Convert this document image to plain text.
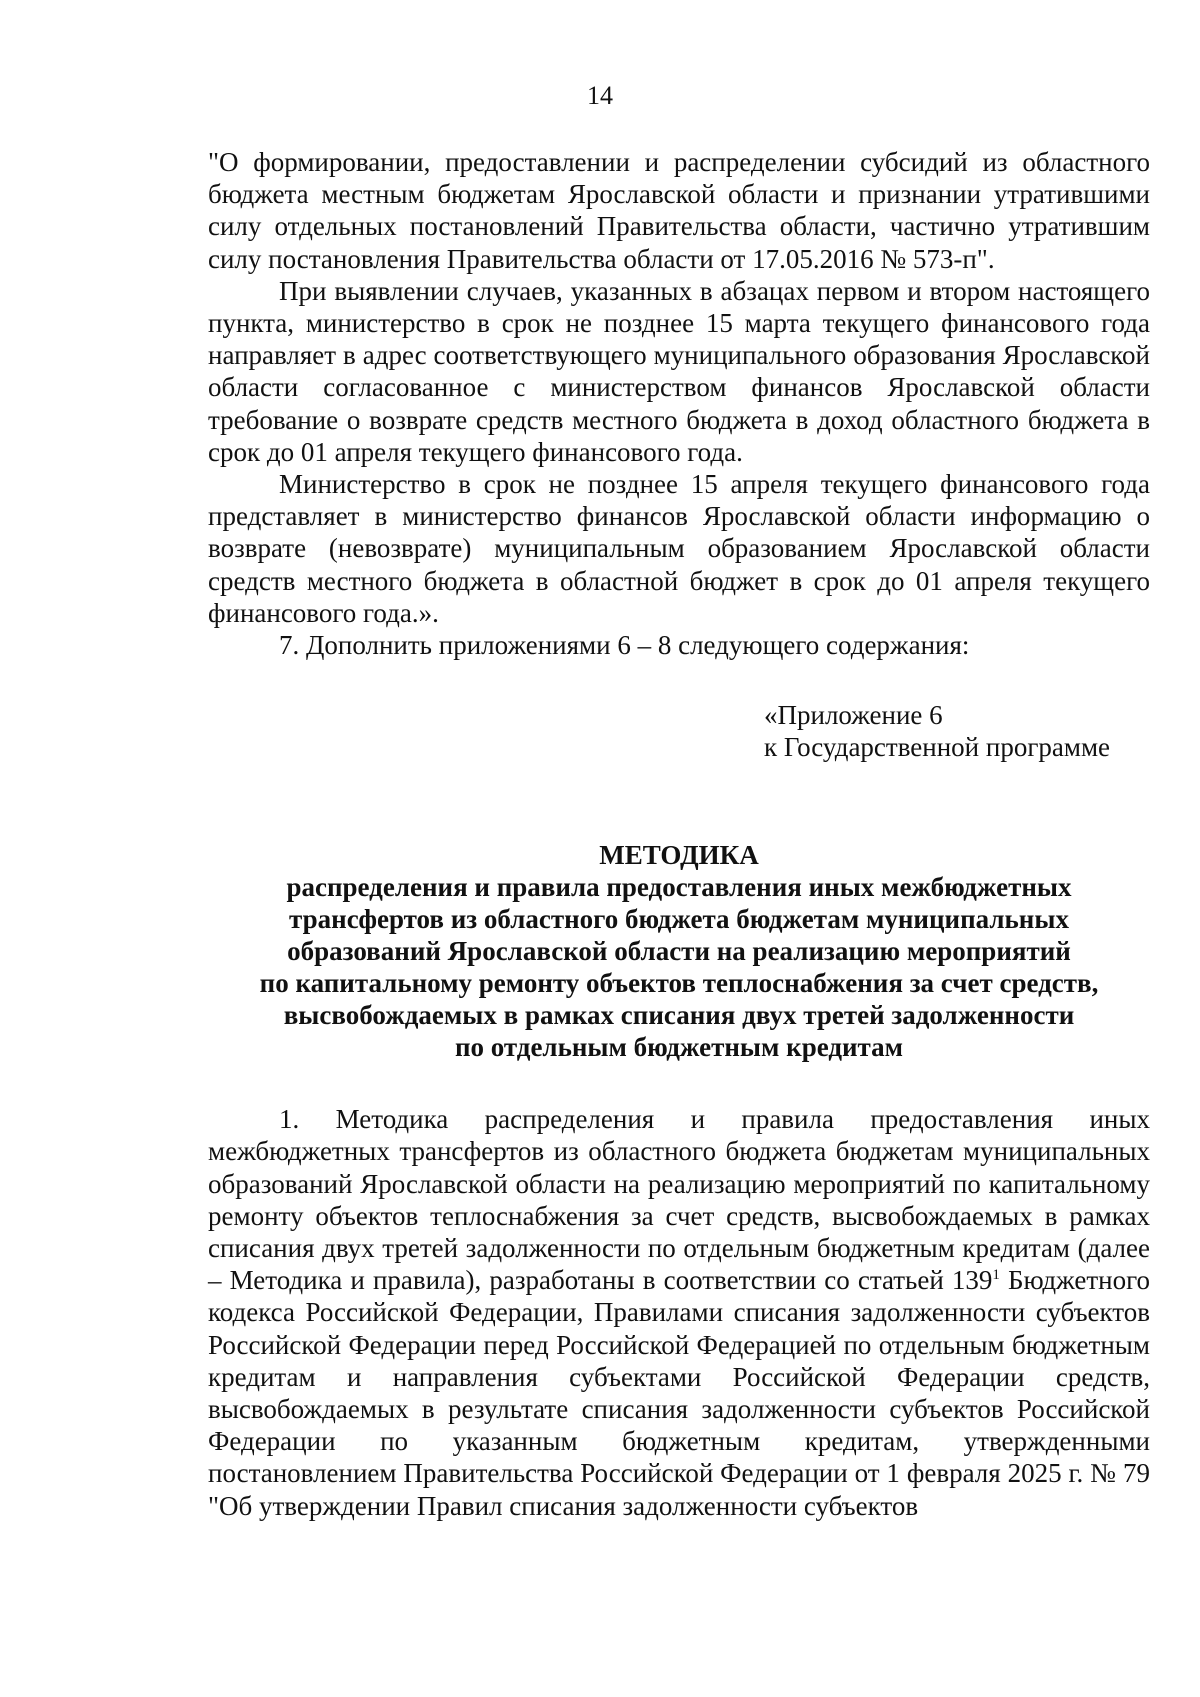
14

"О формировании, предоставлении и распределении субсидий из областного бюджета местным бюджетам Ярославской области и признании утратившими силу отдельных постановлений Правительства области, частично утратившим силу постановления Правительства области от 17.05.2016 № 573-п".

При выявлении случаев, указанных в абзацах первом и втором настоящего пункта, министерство в срок не позднее 15 марта текущего финансового года направляет в адрес соответствующего муниципального образования Ярославской области согласованное с министерством финансов Ярославской области требование о возврате средств местного бюджета в доход областного бюджета в срок до 01 апреля текущего финансового года.

Министерство в срок не позднее 15 апреля текущего финансового года представляет в министерство финансов Ярославской области информацию о возврате (невозврате) муниципальным образованием Ярославской области средств местного бюджета в областной бюджет в срок до 01 апреля текущего финансового года.».

7. Дополнить приложениями 6 – 8 следующего содержания:

«Приложение 6
к Государственной программе
МЕТОДИКА
распределения и правила предоставления иных межбюджетных
трансфертов из областного бюджета бюджетам муниципальных
образований Ярославской области на реализацию мероприятий
по капитальному ремонту объектов теплоснабжения за счет средств,
высвобождаемых в рамках списания двух третей задолженности
по отдельным бюджетным кредитам

1. Методика распределения и правила предоставления иных межбюджетных трансфертов из областного бюджета бюджетам муниципальных образований Ярославской области на реализацию мероприятий по капитальному ремонту объектов теплоснабжения за счет средств, высвобождаемых в рамках списания двух третей задолженности по отдельным бюджетным кредитам (далее – Методика и правила), разработаны в соответствии со статьей $139^1$ Бюджетного кодекса Российской Федерации, Правилами списания задолженности субъектов Российской Федерации перед Российской Федерацией по отдельным бюджетным кредитам и направления субъектами Российской Федерации средств, высвобождаемых в результате списания задолженности субъектов Российской Федерации по указанным бюджетным кредитам, утвержденными постановлением Правительства Российской Федерации от 1 февраля 2025 г. № 79 "Об утверждении Правил списания задолженности субъектов
